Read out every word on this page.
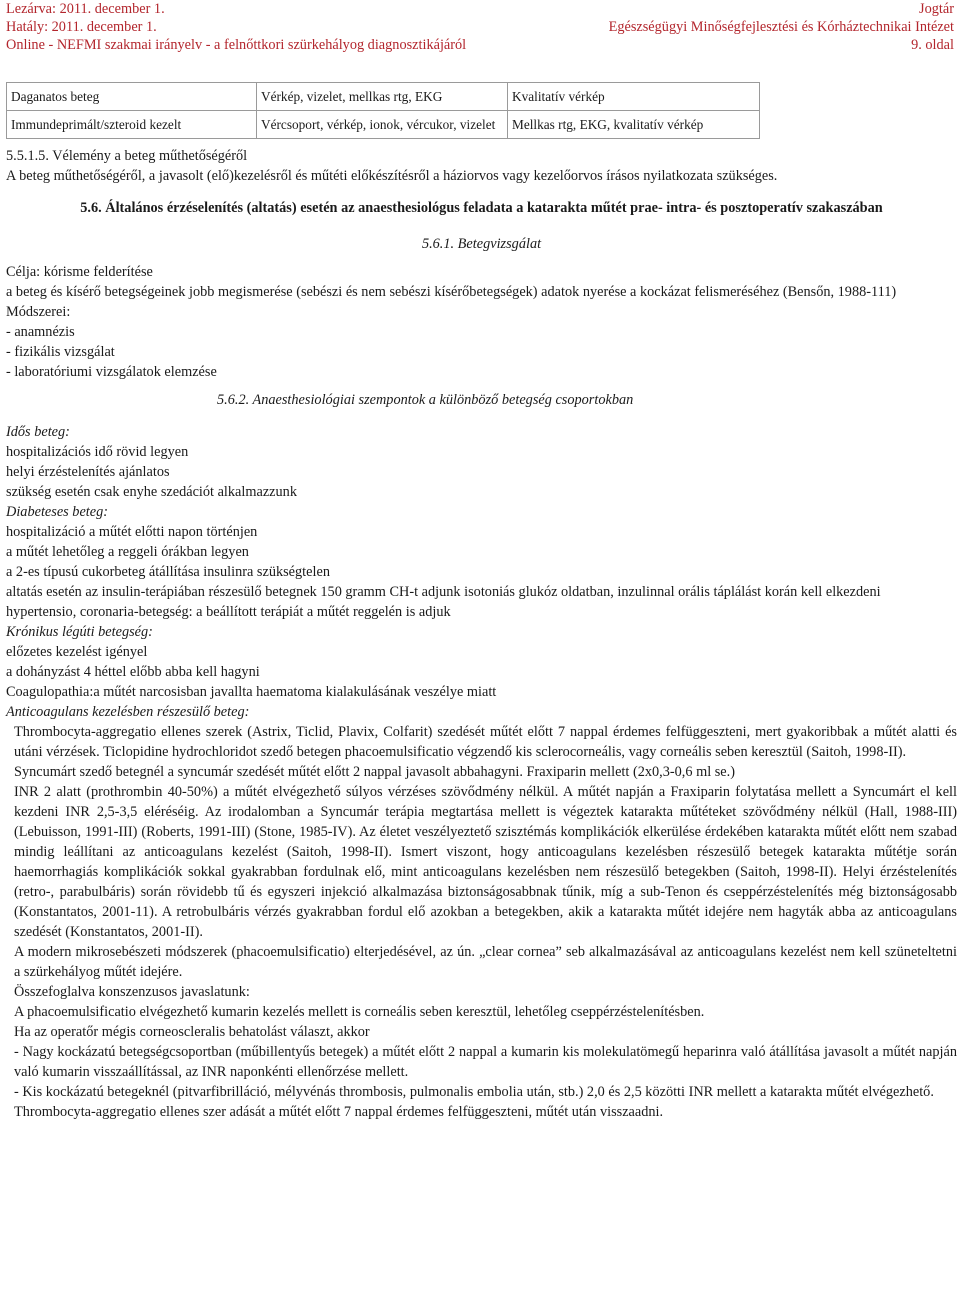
Lezárva: 2011. december 1.
Hatály: 2011. december 1.
Online - NEFMI szakmai irányelv - a felnőttkori szürkehályog diagnosztikájáról
Jogtár
Egészségügyi Minőségfejlesztési és Kórháztechnikai Intézet
9. oldal
Daganatos beteg	Vérkép, vizelet, mellkas rtg, EKG	Kvalitatív vérkép
Immundeprimált/szteroid kezelt	Vércsoport, vérkép, ionok, vércukor, vizelet	Mellkas rtg, EKG, kvalitatív vérkép
5.5.1.5. Vélemény a beteg műthetőségéről
A beteg műthetőségéről, a javasolt (elő)kezelésről és műtéti előkészítésről a háziorvos vagy kezelőorvos írásos nyilatkozata szükséges.
5.6. Általános érzéselenítés (altatás) esetén az anaesthesiológus feladata a katarakta műtét prae- intra- és posztoperatív szakaszában
5.6.1. Betegvizsgálat
Célja: kórisme felderítése
a beteg és kísérő betegségeinek jobb megismerése (sebészi és nem sebészi kísérőbetegségek) adatok nyerése a kockázat felismeréséhez (Bensőn, 1988-111)
Módszerei:
- anamnézis
- fizikális vizsgálat
- laboratóriumi vizsgálatok elemzése
5.6.2. Anaesthesiológiai szempontok a különböző betegség csoportokban
Idős beteg:
hospitalizációs idő rövid legyen
helyi érzéstelenítés ajánlatos
szükség esetén csak enyhe szedációt alkalmazzunk
Diabeteses beteg:
hospitalizáció a műtét előtti napon történjen
a műtét lehetőleg a reggeli órákban legyen
a 2-es típusú cukorbeteg átállítása insulinra szükségtelen
altatás esetén az insulin-terápiában részesülő betegnek 150 gramm CH-t adjunk isotoniás glukóz oldatban, inzulinnal orális táplálást korán kell elkezdeni
hypertensio, coronaria-betegség: a beállított terápiát a műtét reggelén is adjuk
Krónikus légúti betegség:
előzetes kezelést igényel
a dohányzást 4 héttel előbb abba kell hagyni
Coagulopathia:a műtét narcosisban javallta haematoma kialakulásának veszélye miatt
Anticoagulans kezelésben részesülő beteg:
Thrombocyta-aggregatio ellenes szerek (Astrix, Ticlid, Plavix, Colfarit) szedését műtét előtt 7 nappal érdemes felfüggeszteni, mert gyakoribbak a műtét alatti és utáni vérzések. Ticlopidine hydrochloridot szedő betegen phacoemulsificatio végzendő kis sclerocorneális, vagy corneális seben keresztül (Saitoh, 1998-II).
Syncumárt szedő betegnél a syncumár szedését műtét előtt 2 nappal javasolt abbahagyni. Fraxiparin mellett (2x0,3-0,6 ml se.)
INR 2 alatt (prothrombin 40-50%) a műtét elvégezhető súlyos vérzéses szövődmény nélkül. A műtét napján a Fraxiparin folytatása mellett a Syncumárt el kell kezdeni INR 2,5-3,5 eléréséig. Az irodalomban a Syncumár terápia megtartása mellett is végeztek katarakta műtéteket szövődmény nélkül (Hall, 1988-III) (Lebuisson, 1991-III) (Roberts, 1991-III) (Stone, 1985-IV). Az életet veszélyeztető szisztémás komplikációk elkerülése érdekében katarakta műtét előtt nem szabad mindig leállítani az anticoagulans kezelést (Saitoh, 1998-II). Ismert viszont, hogy anticoagulans kezelésben részesülő betegek katarakta műtétje során haemorrhagiás komplikációk sokkal gyakrabban fordulnak elő, mint anticoagulans kezelésben nem részesülő betegekben (Saitoh, 1998-II). Helyi érzéstelenítés (retro-, parabulbáris) során rövidebb tű és egyszeri injekció alkalmazása biztonságosabbnak tűnik, míg a sub-Tenon és cseppérzéstelenítés még biztonságosabb (Konstantatos, 2001-11). A retrobulbáris vérzés gyakrabban fordul elő azokban a betegekben, akik a katarakta műtét idejére nem hagyták abba az anticoagulans szedését (Konstantatos, 2001-II).
A modern mikrosebészeti módszerek (phacoemulsificatio) elterjedésével, az ún. „clear cornea” seb alkalmazásával az anticoagulans kezelést nem kell szüneteltetni a szürkehályog műtét idejére.
Összefoglalva konszenzusos javaslatunk:
A phacoemulsificatio elvégezhető kumarin kezelés mellett is corneális seben keresztül, lehetőleg cseppérzéstelenítésben.
Ha az operatőr mégis corneoscleralis behatolást választ, akkor
- Nagy kockázatú betegségcsoportban (műbillentyűs betegek) a műtét előtt 2 nappal a kumarin kis molekulatömegű heparinra való átállítása javasolt a műtét napján való kumarin visszaállítással, az INR naponkénti ellenőrzése mellett.
- Kis kockázatú betegeknél (pitvarfibrilláció, mélyvénás thrombosis, pulmonalis embolia után, stb.) 2,0 és 2,5 közötti INR mellett a katarakta műtét elvégezhető.
Thrombocyta-aggregatio ellenes szer adását a műtét előtt 7 nappal érdemes felfüggeszteni, műtét után visszaadni.
